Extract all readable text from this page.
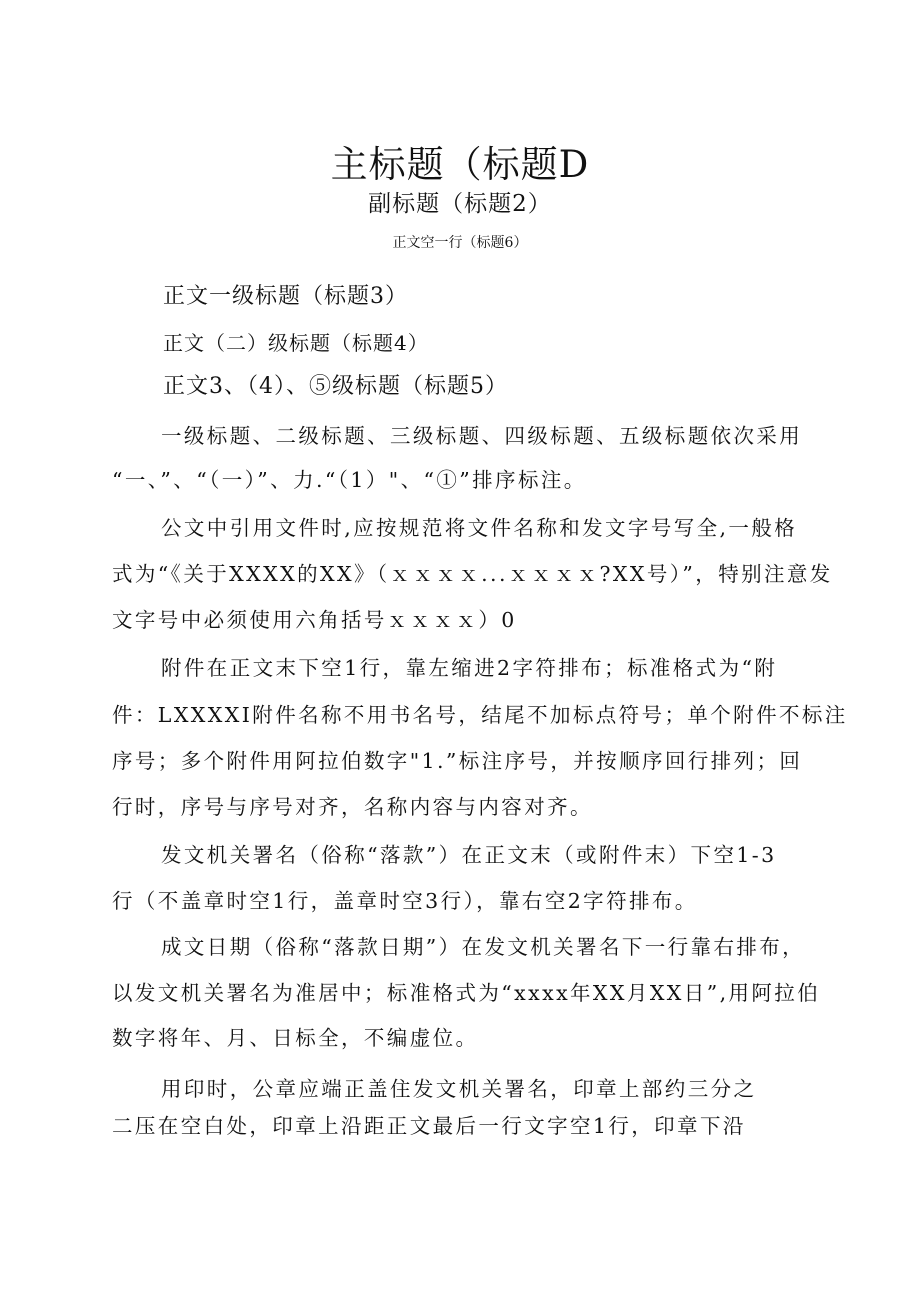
主标题（标题D
副标题（标题2）
正文空一行（标题6）
正文一级标题（标题3）
正文（二）级标题（标题4）
正文3、（4）、⑤级标题（标题5）

一级标题、二级标题、三级标题、四级标题、五级标题依次采用

“一、”、“（一）”、力.“（1）"、“①”排序标注。

公文中引用文件时,应按规范将文件名称和发文字号写全,一般格

式为“《关于XXXX的XX》（ｘｘｘｘ...ｘｘｘｘ?XX号）”，特别注意发

文字号中必须使用六角括号ｘｘｘｘ）0

附件在正文末下空1行，靠左缩进2字符排布；标准格式为“附

件：LXXXXI附件名称不用书名号，结尾不加标点符号；单个附件不标注

序号；多个附件用阿拉伯数字"1.”标注序号，并按顺序回行排列；回

行时，序号与序号对齐，名称内容与内容对齐。

发文机关署名（俗称“落款”）在正文末（或附件末）下空1-3

行（不盖章时空1行，盖章时空3行），靠右空2字符排布。

成文日期（俗称“落款日期”）在发文机关署名下一行靠右排布，

以发文机关署名为准居中；标准格式为“xxxx年XX月XX日”,用阿拉伯

数字将年、月、日标全，不编虚位。

用印时，公章应端正盖住发文机关署名，印章上部约三分之

二压在空白处，印章上沿距正文最后一行文字空1行，印章下沿
